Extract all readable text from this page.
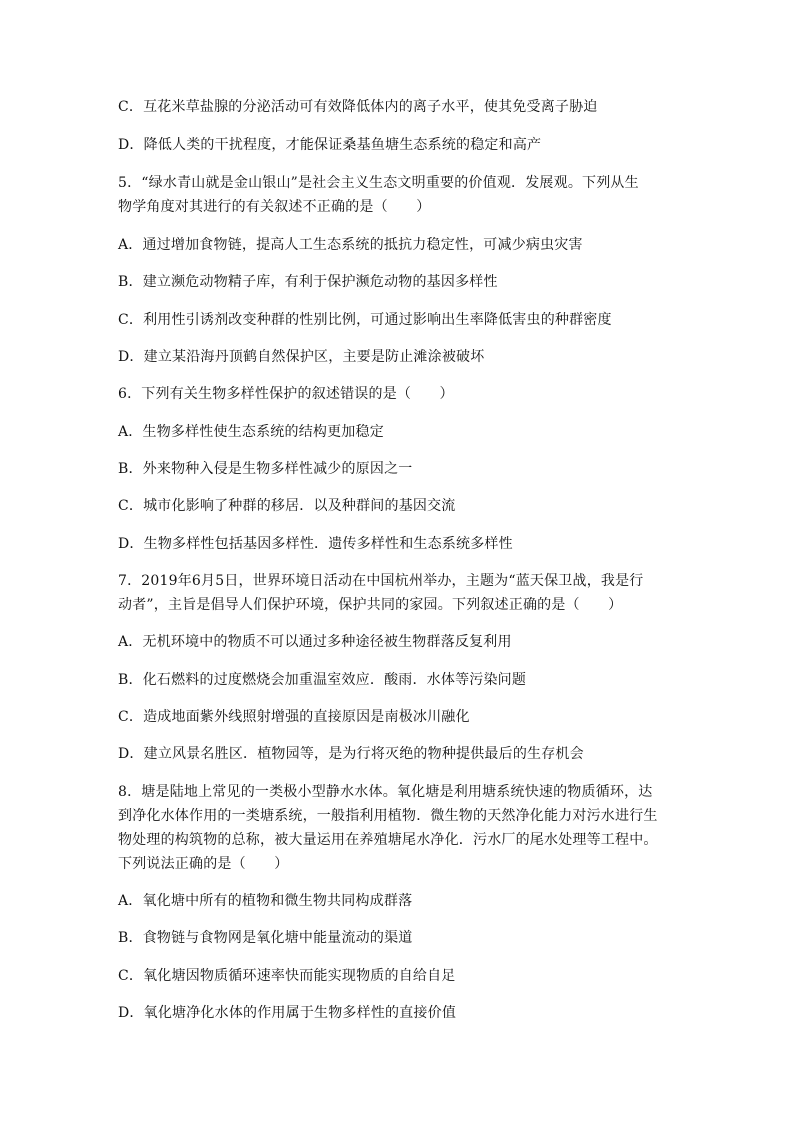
C．互花米草盐腺的分泌活动可有效降低体内的离子水平，使其免受离子胁迫
D．降低人类的干扰程度，才能保证桑基鱼塘生态系统的稳定和高产
5．“绿水青山就是金山银山”是社会主义生态文明重要的价值观．发展观。下列从生
物学角度对其进行的有关叙述不正确的是（　　）
A．通过增加食物链，提高人工生态系统的抵抗力稳定性，可减少病虫灾害
B．建立濒危动物精子库，有利于保护濒危动物的基因多样性
C．利用性引诱剂改变种群的性别比例，可通过影响出生率降低害虫的种群密度
D．建立某沿海丹顶鹤自然保护区，主要是防止滩涂被破坏
6．下列有关生物多样性保护的叙述错误的是（　　）
A．生物多样性使生态系统的结构更加稳定
B．外来物种入侵是生物多样性减少的原因之一
C．城市化影响了种群的移居．以及种群间的基因交流
D．生物多样性包括基因多样性．遗传多样性和生态系统多样性
7．2019年6月5日，世界环境日活动在中国杭州举办，主题为“蓝天保卫战，我是行
动者”，主旨是倡导人们保护环境，保护共同的家园。下列叙述正确的是（　　）
A．无机环境中的物质不可以通过多种途径被生物群落反复利用
B．化石燃料的过度燃烧会加重温室效应．酸雨．水体等污染问题
C．造成地面紫外线照射增强的直接原因是南极冰川融化
D．建立风景名胜区．植物园等，是为行将灭绝的物种提供最后的生存机会
8．塘是陆地上常见的一类极小型静水水体。氧化塘是利用塘系统快速的物质循环，达
到净化水体作用的一类塘系统，一般指利用植物．微生物的天然净化能力对污水进行生
物处理的构筑物的总称，被大量运用在养殖塘尾水净化．污水厂的尾水处理等工程中。
下列说法正确的是（　　）
A．氧化塘中所有的植物和微生物共同构成群落
B．食物链与食物网是氧化塘中能量流动的渠道
C．氧化塘因物质循环速率快而能实现物质的自给自足
D．氧化塘净化水体的作用属于生物多样性的直接价值
